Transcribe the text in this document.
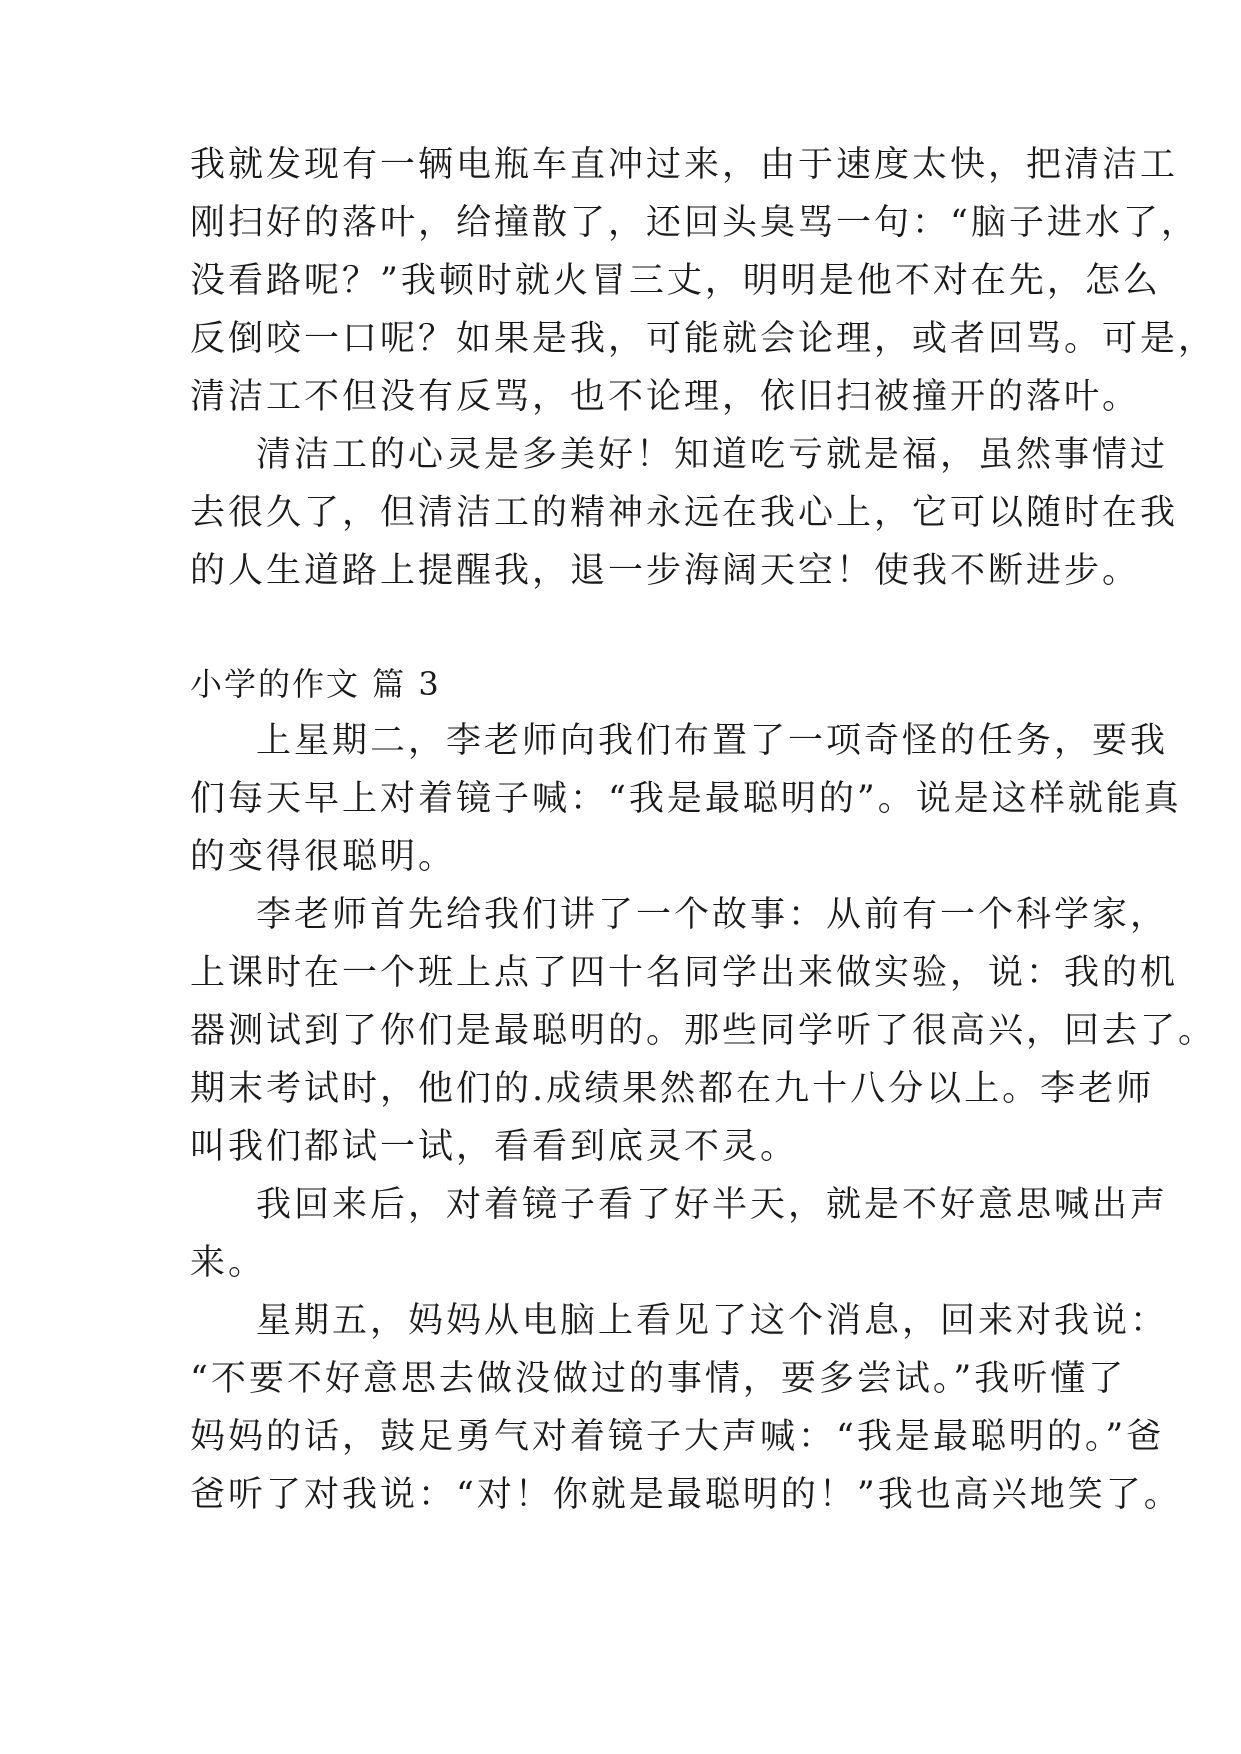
我就发现有一辆电瓶车直冲过来，由于速度太快，把清洁工
刚扫好的落叶，给撞散了，还回头臭骂一句：“脑子进水了，
没看路呢？”我顿时就火冒三丈，明明是他不对在先，怎么
反倒咬一口呢？如果是我，可能就会论理，或者回骂。可是，
清洁工不但没有反骂，也不论理，依旧扫被撞开的落叶。
清洁工的心灵是多美好！知道吃亏就是福，虽然事情过
去很久了，但清洁工的精神永远在我心上，它可以随时在我
的人生道路上提醒我，退一步海阔天空！使我不断进步。
小学的作文 篇 3
上星期二，李老师向我们布置了一项奇怪的任务，要我
们每天早上对着镜子喊：“我是最聪明的”。说是这样就能真
的变得很聪明。
李老师首先给我们讲了一个故事：从前有一个科学家，
上课时在一个班上点了四十名同学出来做实验，说：我的机
器测试到了你们是最聪明的。那些同学听了很高兴，回去了。
期末考试时，他们的.成绩果然都在九十八分以上。李老师
叫我们都试一试，看看到底灵不灵。
我回来后，对着镜子看了好半天，就是不好意思喊出声
来。
星期五，妈妈从电脑上看见了这个消息，回来对我说：
“不要不好意思去做没做过的事情，要多尝试。”我听懂了
妈妈的话，鼓足勇气对着镜子大声喊：“我是最聪明的。”爸
爸听了对我说：“对！你就是最聪明的！”我也高兴地笑了。
